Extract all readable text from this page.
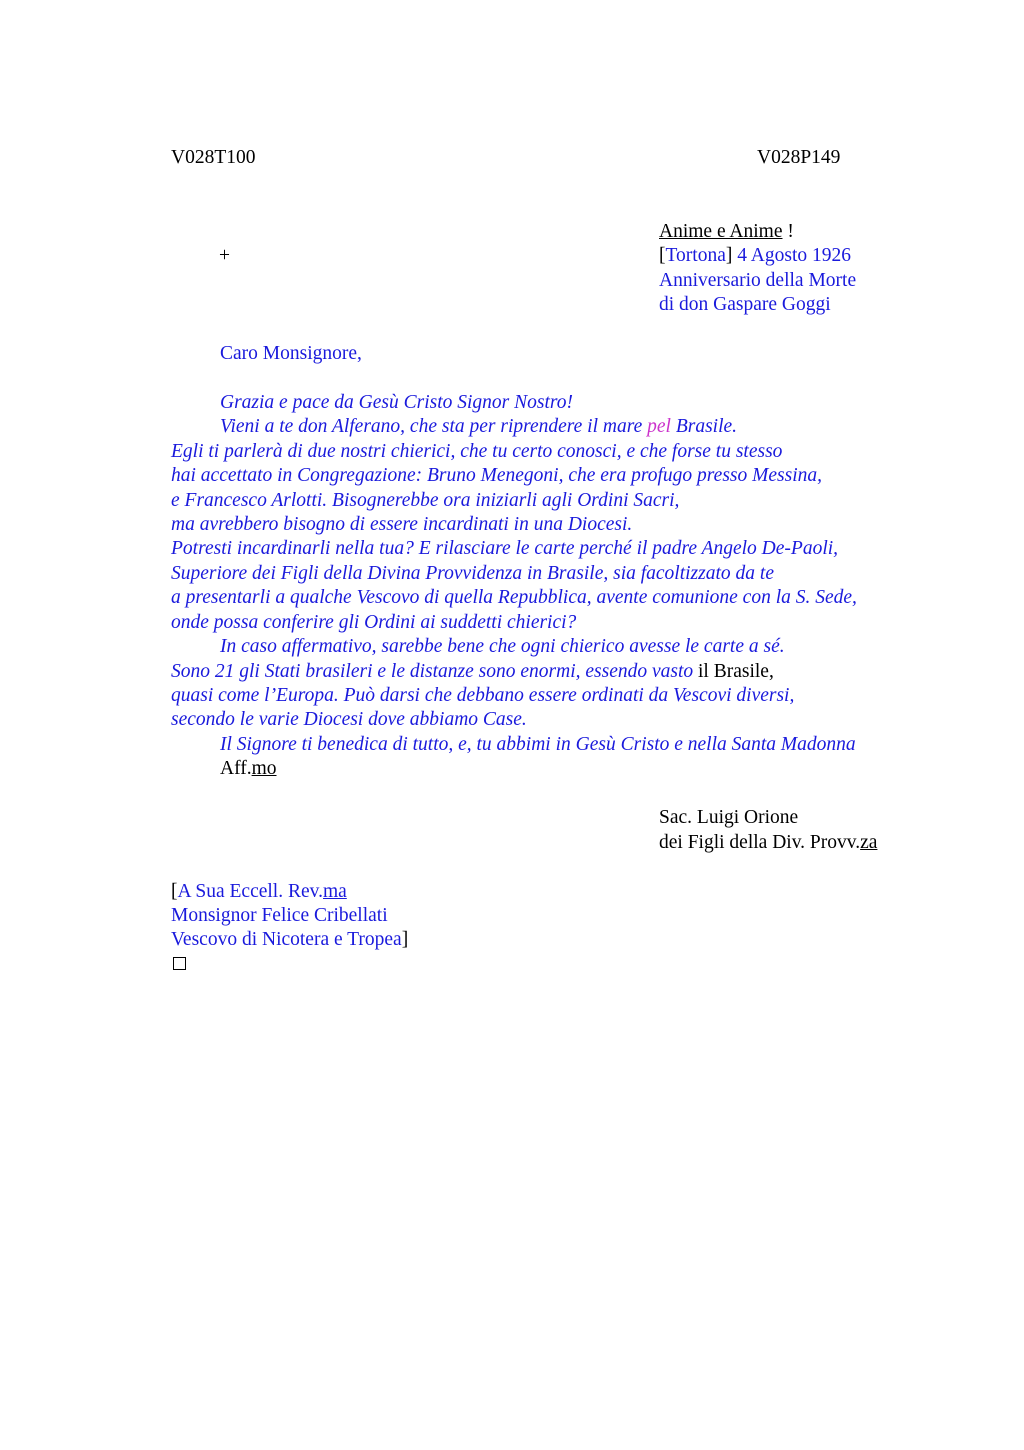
V028T100	V028P149
+
Anime e Anime !
[Tortona] 4 Agosto 1926
Anniversario della Morte
di don Gaspare Goggi
Caro Monsignore,
Grazia e pace da Gesù Cristo Signor Nostro!
Vieni a te don Alferano, che sta per riprendere il mare pel Brasile.
Egli ti parlerà di due nostri chierici, che tu certo conosci, e che forse tu stesso
hai accettato in Congregazione: Bruno Menegoni, che era profugo presso Messina,
e Francesco Arlotti. Bisognerebbe ora iniziarli agli Ordini Sacri,
ma avrebbero bisogno di essere incardinati in una Diocesi.
Potresti incardinarli nella tua? E rilasciare le carte perché il padre Angelo De-Paoli,
Superiore dei Figli della Divina Provvidenza in Brasile, sia facoltizzato da te
a presentarli a qualche Vescovo di quella Repubblica, avente comunione con la S. Sede,
onde possa conferire gli Ordini ai suddetti chierici?
In caso affermativo, sarebbe bene che ogni chierico avesse le carte a sé.
Sono 21 gli Stati brasileri e le distanze sono enormi, essendo vasto il Brasile,
quasi come l’Europa. Può darsi che debbano essere ordinati da Vescovi diversi,
secondo le varie Diocesi dove abbiamo Case.
Il Signore ti benedica di tutto, e, tu abbimi in Gesù Cristo e nella Santa Madonna
Aff.mo
Sac. Luigi Orione
dei Figli della Div. Provv.za
[A Sua Eccell. Rev.ma
Monsignor Felice Cribellati
Vescovo di Nicotera e Tropea]
